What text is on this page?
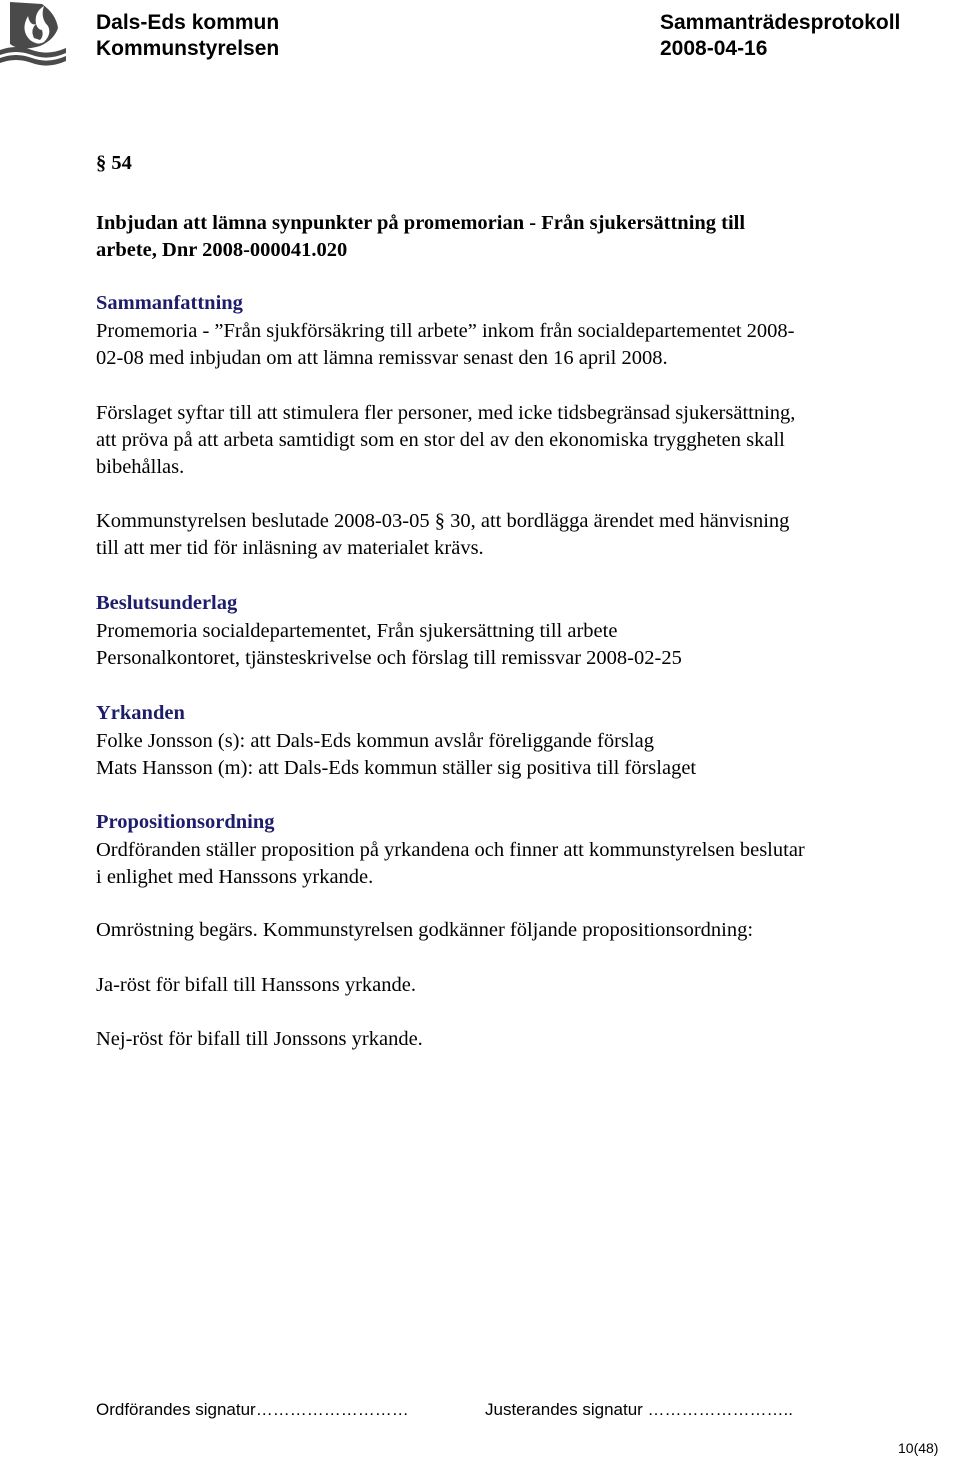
Dals-Eds kommun
Kommunstyrelsen
Sammanträdesprotokoll
2008-04-16
§ 54
Inbjudan att lämna synpunkter på promemorian - Från sjukersättning till
arbete, Dnr 2008-000041.020
Sammanfattning
Promemoria - ”Från sjukförsäkring till arbete” inkom från socialdepartementet 2008-
02-08 med inbjudan om att lämna remissvar senast den 16 april 2008.
Förslaget syftar till att stimulera fler personer, med icke tidsbegränsad sjukersättning,
att pröva på att arbeta samtidigt som en stor del av den ekonomiska tryggheten skall
bibehållas.
Kommunstyrelsen beslutade 2008-03-05 § 30, att bordlägga ärendet med hänvisning
till att mer tid för inläsning av materialet krävs.
Beslutsunderlag
Promemoria socialdepartementet, Från sjukersättning till arbete
Personalkontoret, tjänsteskrivelse och förslag till remissvar 2008-02-25
Yrkanden
Folke Jonsson (s): att Dals-Eds kommun avslår föreliggande förslag
Mats Hansson (m): att Dals-Eds kommun ställer sig positiva till förslaget
Propositionsordning
Ordföranden ställer proposition på yrkandena och finner att kommunstyrelsen beslutar
i enlighet med Hanssons yrkande.
Omröstning begärs. Kommunstyrelsen godkänner följande propositionsordning:
Ja-röst för bifall till Hanssons yrkande.
Nej-röst för bifall till Jonssons yrkande.
Ordförandes signatur………………………	Justerandes signatur ……………………..
10(48)
